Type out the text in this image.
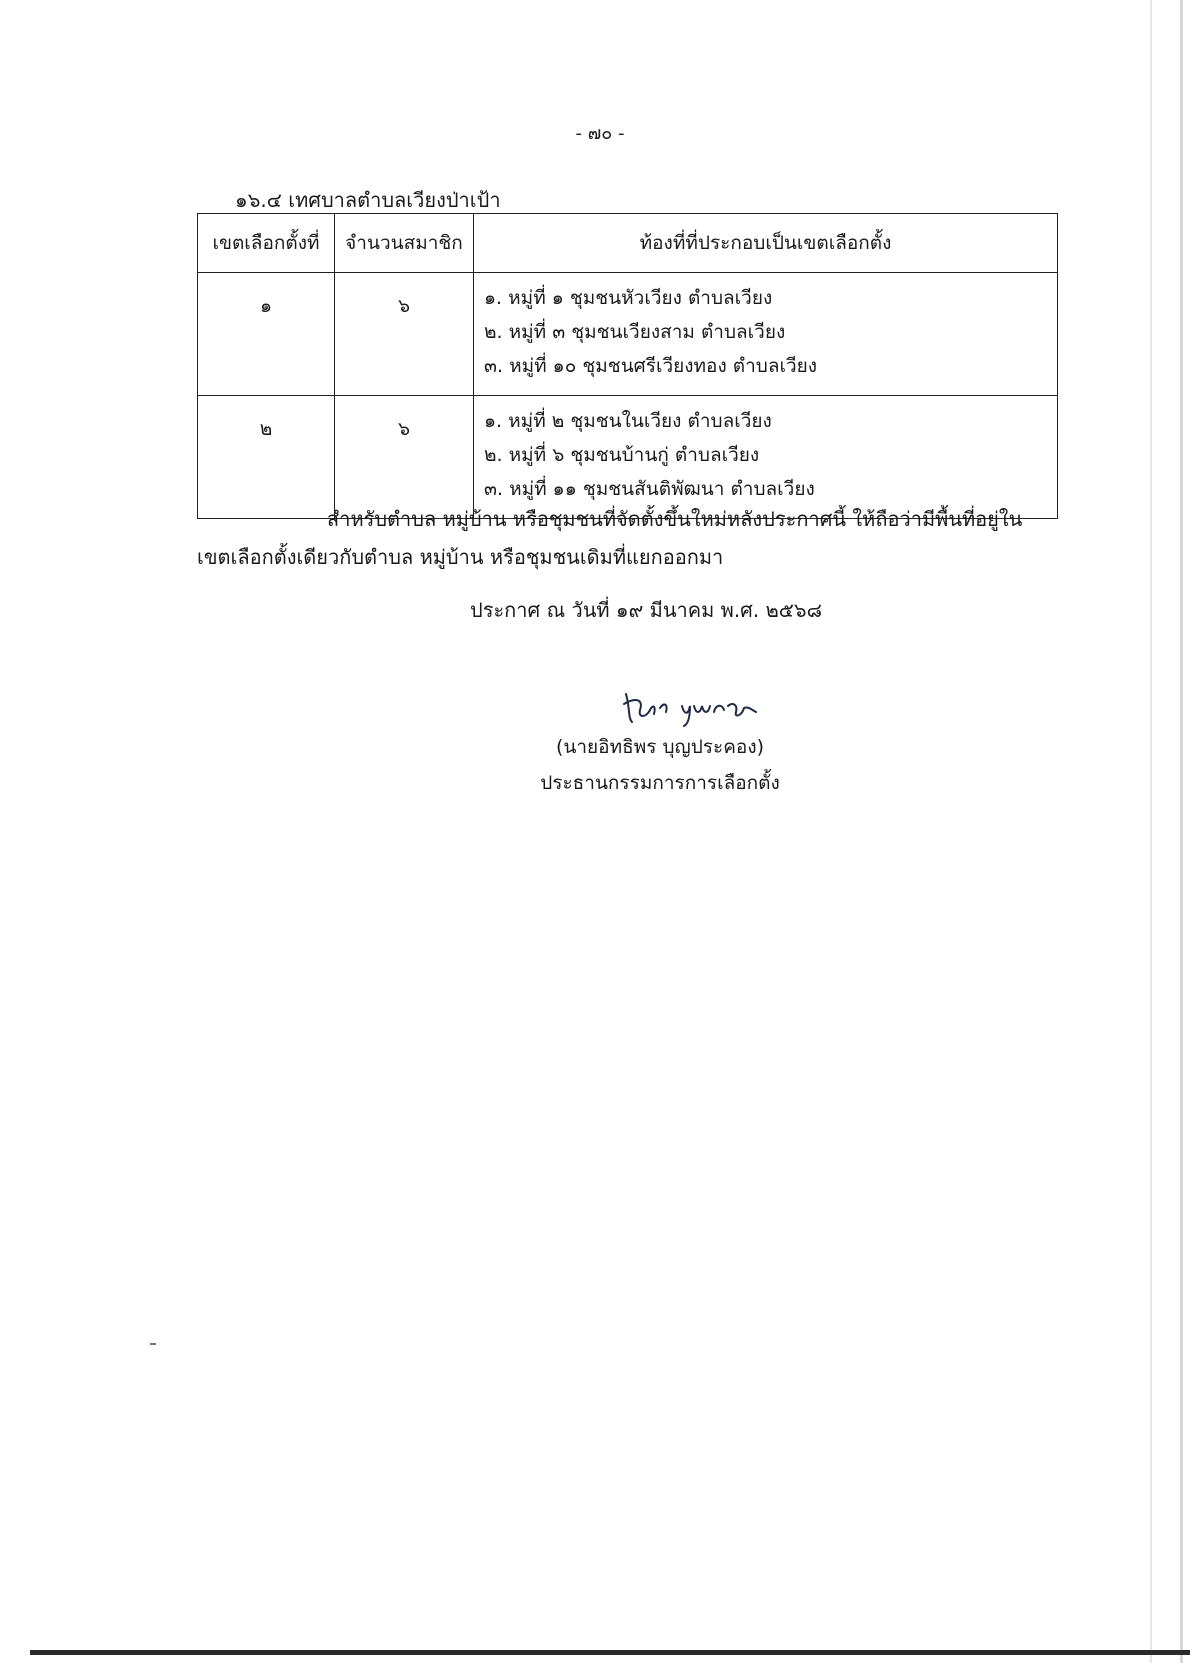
- ๗๐ -
๑๖.๔ เทศบาลตำบลเวียงป่าเป้า
เขตเลือกตั้งที่	จำนวนสมาชิก	ท้องที่ที่ประกอบเป็นเขตเลือกตั้ง
๑	๖	๑. หมู่ที่ ๑ ชุมชนหัวเวียง ตำบลเวียง
๒. หมู่ที่ ๓ ชุมชนเวียงสาม ตำบลเวียง
๓. หมู่ที่ ๑๐ ชุมชนศรีเวียงทอง ตำบลเวียง

๒	๖	๑. หมู่ที่ ๒ ชุมชนในเวียง ตำบลเวียง
๒. หมู่ที่ ๖ ชุมชนบ้านกู่ ตำบลเวียง
๓. หมู่ที่ ๑๑ ชุมชนสันติพัฒนา ตำบลเวียง
สำหรับตำบล หมู่บ้าน หรือชุมชนที่จัดตั้งขึ้นใหม่หลังประกาศนี้ ให้ถือว่ามีพื้นที่อยู่ใน
เขตเลือกตั้งเดียวกับตำบล หมู่บ้าน หรือชุมชนเดิมที่แยกออกมา
ประกาศ ณ วันที่ ๑๙ มีนาคม พ.ศ. ๒๕๖๘
(นายอิทธิพร บุญประคอง)
ประธานกรรมการการเลือกตั้ง
